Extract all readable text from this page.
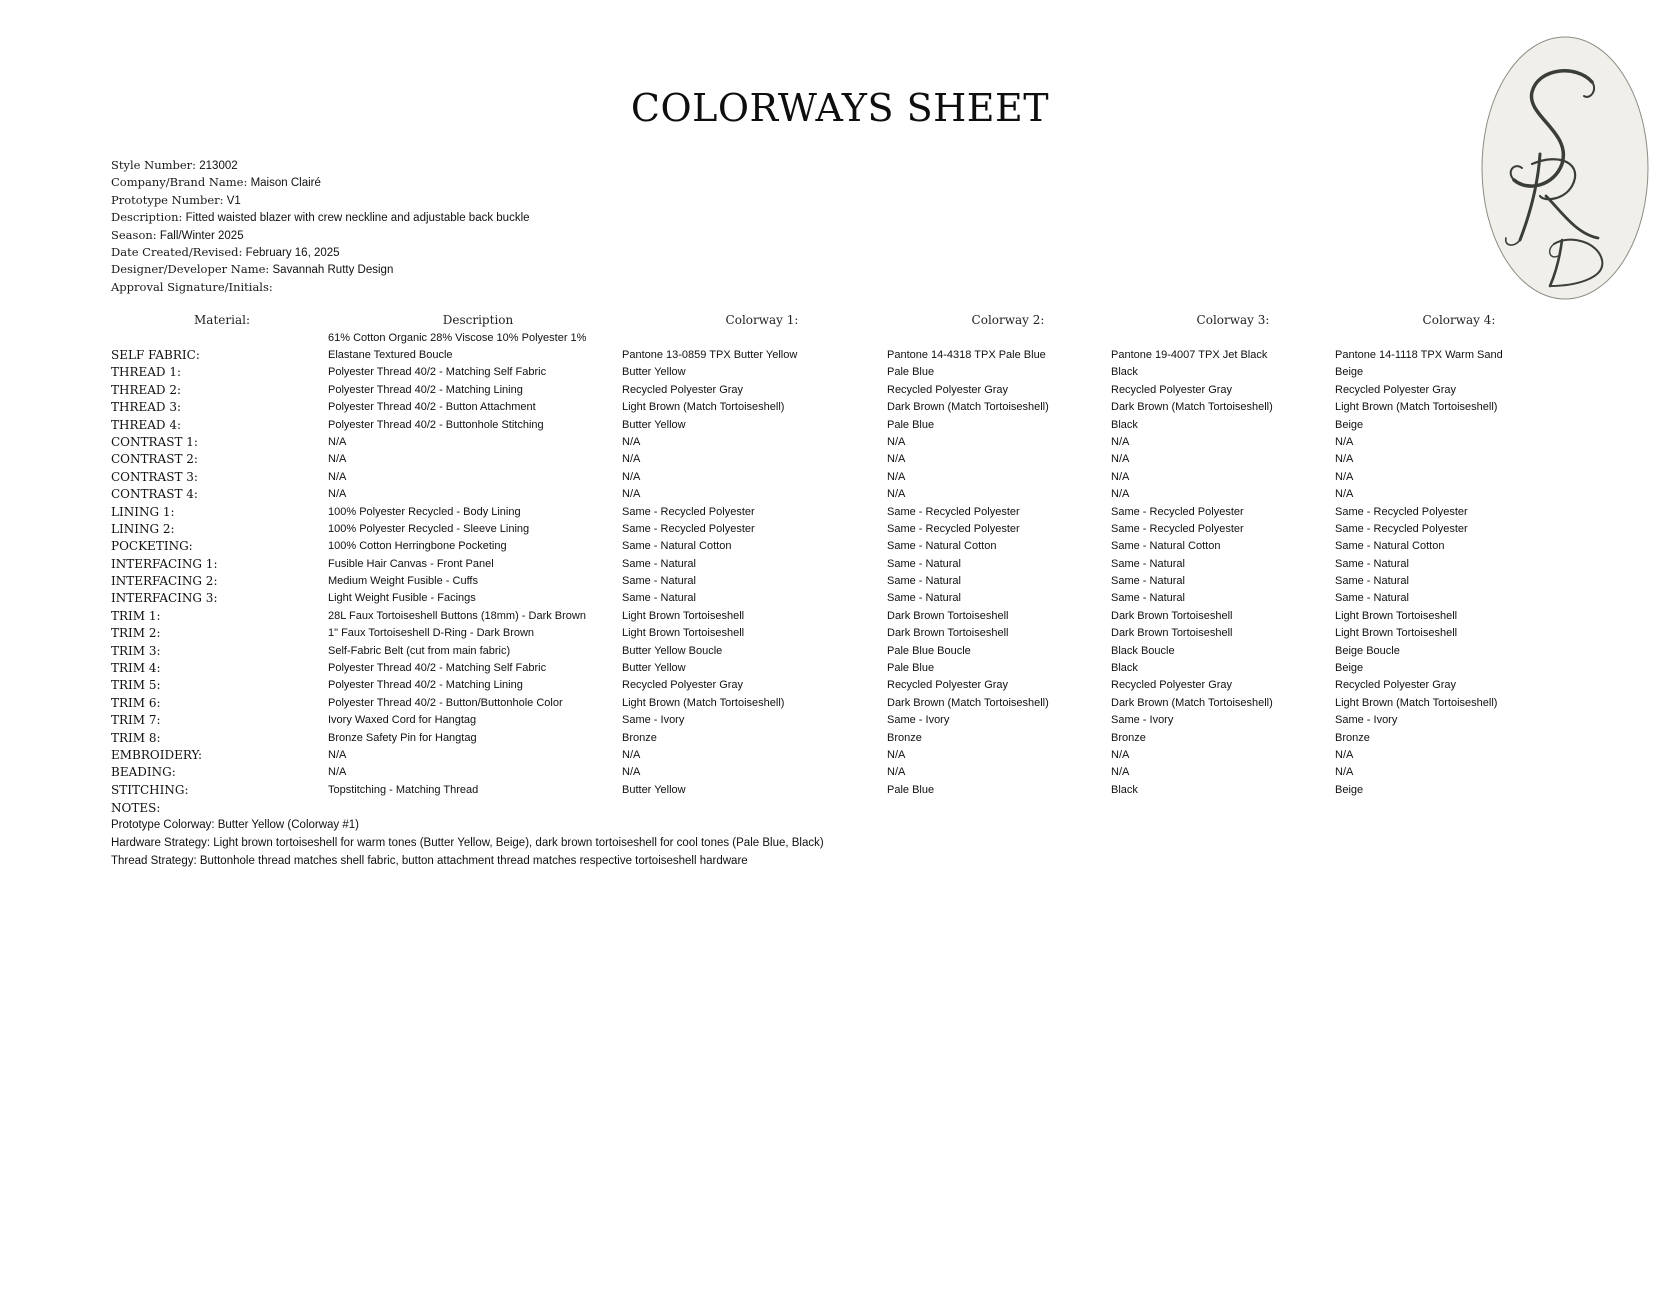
COLORWAYS SHEET
SRD
Style Number: 213002
Company/Brand Name: Maison Clairé
Prototype Number: V1
Description: Fitted waisted blazer with crew neckline and adjustable back buckle
Season: Fall/Winter 2025
Date Created/Revised: February 16, 2025
Designer/Developer Name: Savannah Rutty Design
Approval Signature/Initials:
Material:	Description	Colorway 1:	Colorway 2:	Colorway 3:	Colorway 4:
61% Cotton Organic 28% Viscose 10% Polyester 1%
SELF FABRIC:	Elastane Textured Boucle	Pantone 13-0859 TPX Butter Yellow	Pantone 14-4318 TPX Pale Blue	Pantone 19-4007 TPX Jet Black	Pantone 14-1118 TPX Warm Sand
THREAD 1:	Polyester Thread 40/2 - Matching Self Fabric	Butter Yellow	Pale Blue	Black	Beige
THREAD 2:	Polyester Thread 40/2 - Matching Lining	Recycled Polyester Gray	Recycled Polyester Gray	Recycled Polyester Gray	Recycled Polyester Gray
THREAD 3:	Polyester Thread 40/2 - Button Attachment	Light Brown (Match Tortoiseshell)	Dark Brown (Match Tortoiseshell)	Dark Brown (Match Tortoiseshell)	Light Brown (Match Tortoiseshell)
THREAD 4:	Polyester Thread 40/2 - Buttonhole Stitching	Butter Yellow	Pale Blue	Black	Beige
CONTRAST 1:	N/A	N/A	N/A	N/A	N/A
CONTRAST 2:	N/A	N/A	N/A	N/A	N/A
CONTRAST 3:	N/A	N/A	N/A	N/A	N/A
CONTRAST 4:	N/A	N/A	N/A	N/A	N/A
LINING 1:	100% Polyester Recycled - Body Lining	Same - Recycled Polyester	Same - Recycled Polyester	Same - Recycled Polyester	Same - Recycled Polyester
LINING 2:	100% Polyester Recycled - Sleeve Lining	Same - Recycled Polyester	Same - Recycled Polyester	Same - Recycled Polyester	Same - Recycled Polyester
POCKETING:	100% Cotton Herringbone Pocketing	Same - Natural Cotton	Same - Natural Cotton	Same - Natural Cotton	Same - Natural Cotton
INTERFACING 1:	Fusible Hair Canvas - Front Panel	Same - Natural	Same - Natural	Same - Natural	Same - Natural
INTERFACING 2:	Medium Weight Fusible - Cuffs	Same - Natural	Same - Natural	Same - Natural	Same - Natural
INTERFACING 3:	Light Weight Fusible - Facings	Same - Natural	Same - Natural	Same - Natural	Same - Natural
TRIM 1:	28L Faux Tortoiseshell Buttons (18mm) - Dark Brown	Light Brown Tortoiseshell	Dark Brown Tortoiseshell	Dark Brown Tortoiseshell	Light Brown Tortoiseshell
TRIM 2:	1" Faux Tortoiseshell D-Ring - Dark Brown	Light Brown Tortoiseshell	Dark Brown Tortoiseshell	Dark Brown Tortoiseshell	Light Brown Tortoiseshell
TRIM 3:	Self-Fabric Belt (cut from main fabric)	Butter Yellow Boucle	Pale Blue Boucle	Black Boucle	Beige Boucle
TRIM 4:	Polyester Thread 40/2 - Matching Self Fabric	Butter Yellow	Pale Blue	Black	Beige
TRIM 5:	Polyester Thread 40/2 - Matching Lining	Recycled Polyester Gray	Recycled Polyester Gray	Recycled Polyester Gray	Recycled Polyester Gray
TRIM 6:	Polyester Thread 40/2 - Button/Buttonhole Color	Light Brown (Match Tortoiseshell)	Dark Brown (Match Tortoiseshell)	Dark Brown (Match Tortoiseshell)	Light Brown (Match Tortoiseshell)
TRIM 7:	Ivory Waxed Cord for Hangtag	Same - Ivory	Same - Ivory	Same - Ivory	Same - Ivory
TRIM 8:	Bronze Safety Pin for Hangtag	Bronze	Bronze	Bronze	Bronze
EMBROIDERY:	N/A	N/A	N/A	N/A	N/A
BEADING:	N/A	N/A	N/A	N/A	N/A
STITCHING:	Topstitching - Matching Thread	Butter Yellow	Pale Blue	Black	Beige
NOTES:
Prototype Colorway: Butter Yellow (Colorway #1)
Hardware Strategy: Light brown tortoiseshell for warm tones (Butter Yellow, Beige), dark brown tortoiseshell for cool tones (Pale Blue, Black)
Thread Strategy: Buttonhole thread matches shell fabric, button attachment thread matches respective tortoiseshell hardware
